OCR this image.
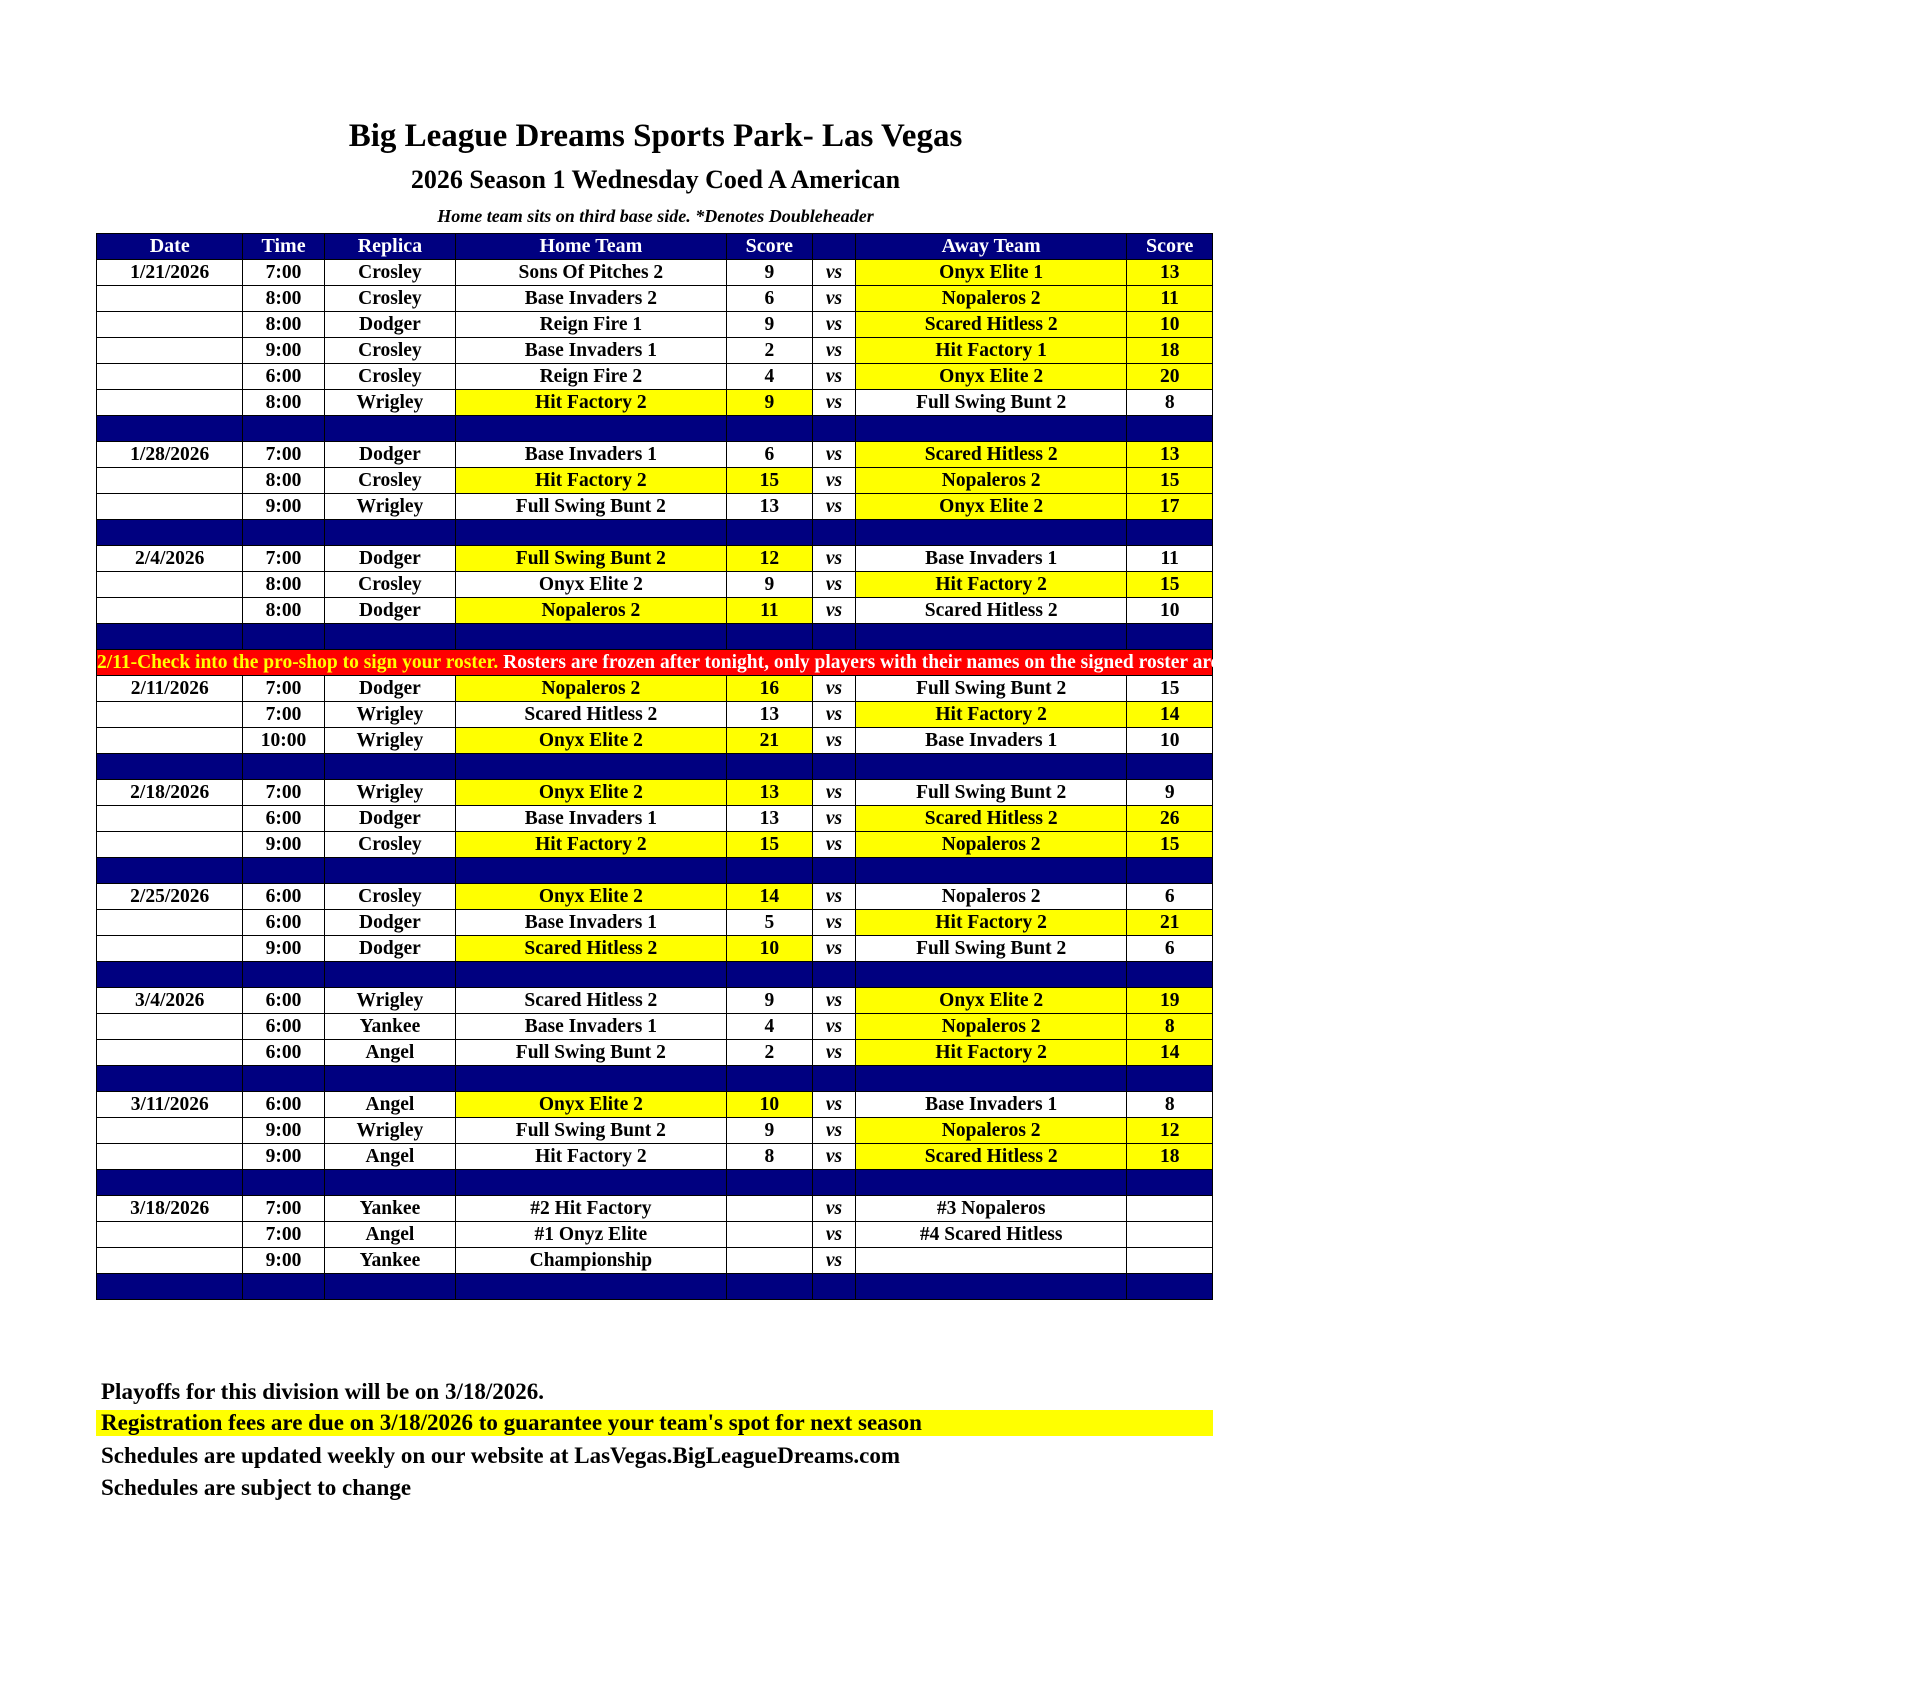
Big League Dreams Sports Park- Las Vegas
2026 Season 1 Wednesday Coed A American
Home team sits on third base side. *Denotes Doubleheader
Date	Time	Replica	Home Team	Score		Away Team	Score
1/21/2026	7:00	Crosley	Sons Of Pitches 2	9	vs	Onyx Elite 1	13
	8:00	Crosley	Base Invaders 2	6	vs	Nopaleros 2	11
	8:00	Dodger	Reign Fire 1	9	vs	Scared Hitless 2	10
	9:00	Crosley	Base Invaders 1	2	vs	Hit Factory 1	18
	6:00	Crosley	Reign Fire 2	4	vs	Onyx Elite 2	20
	8:00	Wrigley	Hit Factory 2	9	vs	Full Swing Bunt 2	8

1/28/2026	7:00	Dodger	Base Invaders 1	6	vs	Scared Hitless 2	13
	8:00	Crosley	Hit Factory 2	15	vs	Nopaleros 2	15
	9:00	Wrigley	Full Swing Bunt 2	13	vs	Onyx Elite 2	17

2/4/2026	7:00	Dodger	Full Swing Bunt 2	12	vs	Base Invaders 1	11
	8:00	Crosley	Onyx Elite 2	9	vs	Hit Factory 2	15
	8:00	Dodger	Nopaleros 2	11	vs	Scared Hitless 2	10

2/11-Check into the pro-shop to sign your roster. Rosters are frozen after tonight, only players with their names on the signed roster are eligible for playoffs. Please check carefully as changes will not be made for omissions.							
2/11/2026	7:00	Dodger	Nopaleros 2	16	vs	Full Swing Bunt 2	15
	7:00	Wrigley	Scared Hitless 2	13	vs	Hit Factory 2	14
	10:00	Wrigley	Onyx Elite 2	21	vs	Base Invaders 1	10

2/18/2026	7:00	Wrigley	Onyx Elite 2	13	vs	Full Swing Bunt 2	9
	6:00	Dodger	Base Invaders 1	13	vs	Scared Hitless 2	26
	9:00	Crosley	Hit Factory 2	15	vs	Nopaleros 2	15

2/25/2026	6:00	Crosley	Onyx Elite 2	14	vs	Nopaleros 2	6
	6:00	Dodger	Base Invaders 1	5	vs	Hit Factory 2	21
	9:00	Dodger	Scared Hitless 2	10	vs	Full Swing Bunt 2	6

3/4/2026	6:00	Wrigley	Scared Hitless 2	9	vs	Onyx Elite 2	19
	6:00	Yankee	Base Invaders 1	4	vs	Nopaleros 2	8
	6:00	Angel	Full Swing Bunt 2	2	vs	Hit Factory 2	14

3/11/2026	6:00	Angel	Onyx Elite 2	10	vs	Base Invaders 1	8
	9:00	Wrigley	Full Swing Bunt 2	9	vs	Nopaleros 2	12
	9:00	Angel	Hit Factory 2	8	vs	Scared Hitless 2	18

3/18/2026	7:00	Yankee	#2 Hit Factory		vs	#3 Nopaleros	
	7:00	Angel	#1 Onyz Elite		vs	#4 Scared Hitless	
	9:00	Yankee	Championship		vs		

Playoffs for this division will be on 3/18/2026.
Registration fees are due on 3/18/2026 to guarantee your team's spot for next season
Schedules are updated weekly on our website at LasVegas.BigLeagueDreams.com
Schedules are subject to change
